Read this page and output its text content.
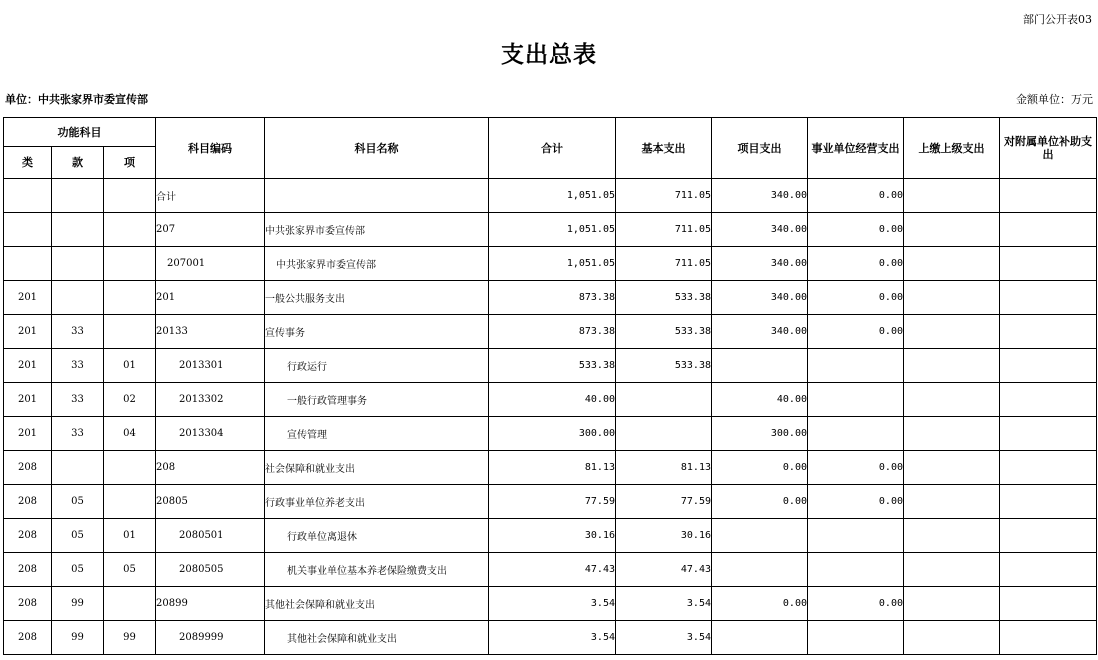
部门公开表03
支出总表
单位：中共张家界市委宣传部	金额单位：万元
功能科目			科目编码	科目名称	合计	基本支出	项目支出	事业单位经营支出	上缴上级支出	对附属单位补助支出
类	款	项								
			合计		1,051.05	711.05	340.00	0.00		
			207	中共张家界市委宣传部	1,051.05	711.05	340.00	0.00		
			207001	中共张家界市委宣传部	1,051.05	711.05	340.00	0.00		
201			201	一般公共服务支出	873.38	533.38	340.00	0.00		
201	33		20133	宣传事务	873.38	533.38	340.00	0.00		
201	33	01	2013301	行政运行	533.38	533.38				
201	33	02	2013302	一般行政管理事务	40.00		40.00			
201	33	04	2013304	宣传管理	300.00		300.00			
208			208	社会保障和就业支出	81.13	81.13	0.00	0.00		
208	05		20805	行政事业单位养老支出	77.59	77.59	0.00	0.00		
208	05	01	2080501	行政单位离退休	30.16	30.16				
208	05	05	2080505	机关事业单位基本养老保险缴费支出	47.43	47.43				
208	99		20899	其他社会保障和就业支出	3.54	3.54	0.00	0.00		
208	99	99	2089999	其他社会保障和就业支出	3.54	3.54				
